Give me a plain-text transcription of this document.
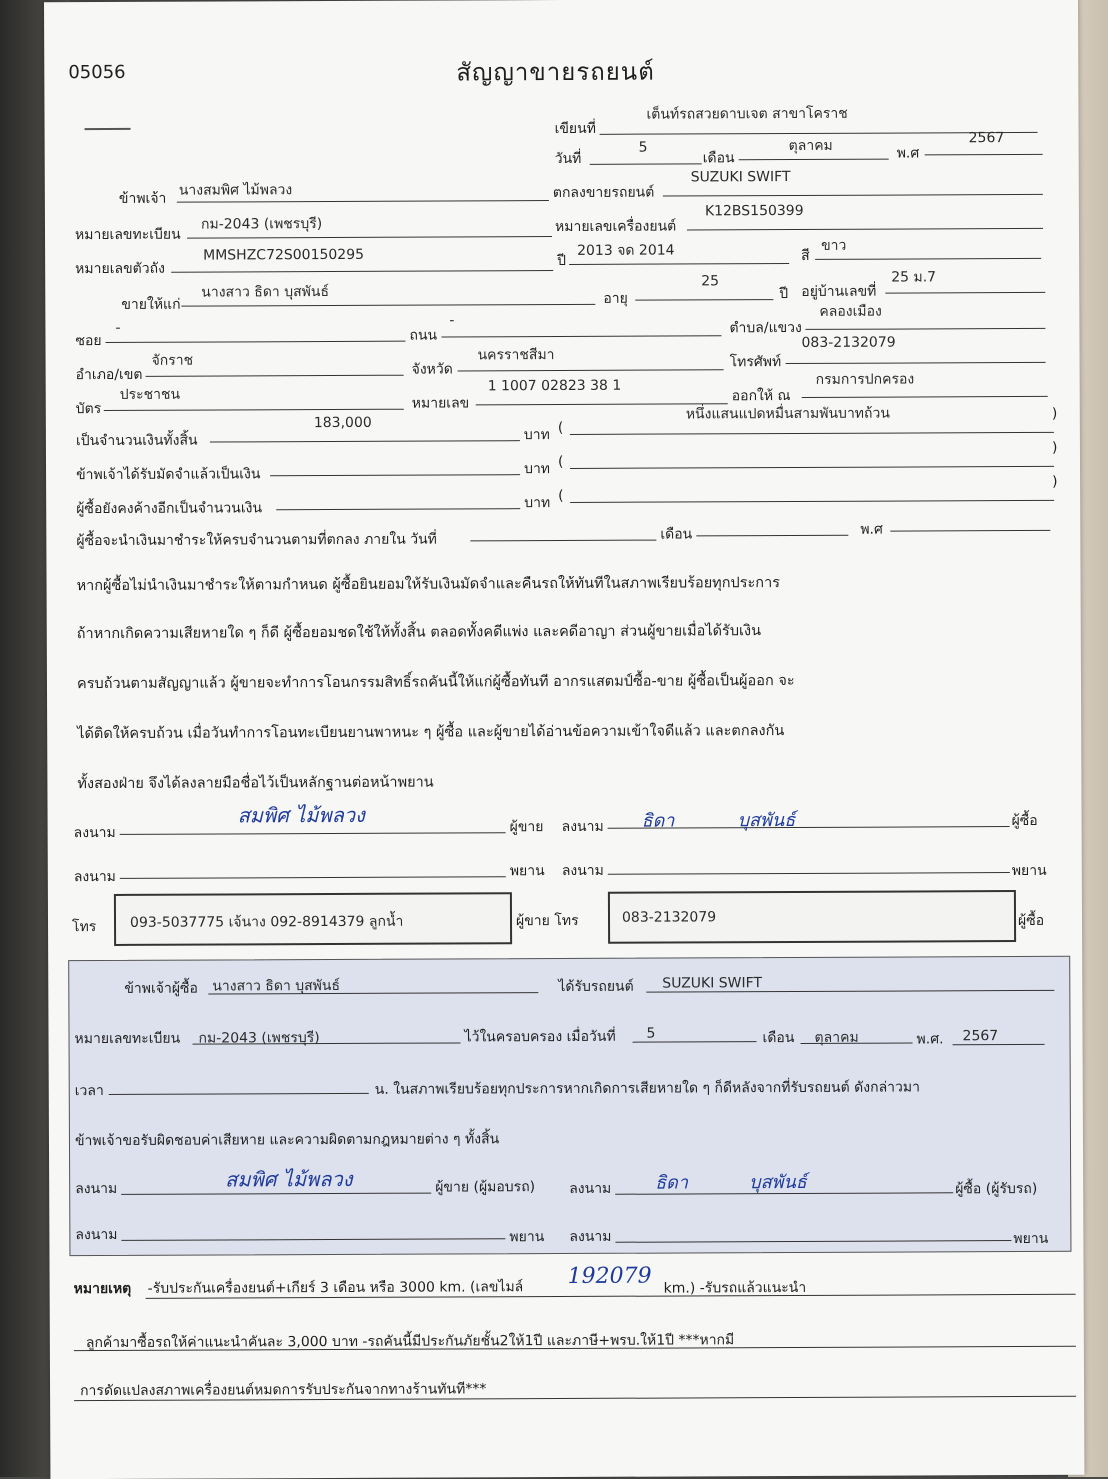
05056	สัญญาขายรถยนต์
เขียนที่
เต็นท์รถสวยดาบเจต สาขาโคราช
วันที่
5
เดือน
ตุลาคม	พ.ศ
2567
ข้าพเจ้า
นางสมพิศ ไม้พลวง	ตกลงขายรถยนต์
SUZUKI SWIFT
หมายเลขทะเบียน
กม-2043 (เพชรบุรี)	หมายเลขเครื่องยนต์
K12BS150399
หมายเลขตัวถัง
MMSHZC72S00150295	ปี
2013 จด 2014	สี
ขาว
ขายให้แก่
นางสาว ธิดา บุสพันธ์	อายุ
25
ปี อยู่บ้านเลขที่
25 ม.7
ซอย
-	ถนน
-	ตำบล/แขวง
คลองเมือง
อำเภอ/เขต
จักราช
จังหวัด
นครราชสีมา	โทรศัพท์
083-2132079
บัตร
ประชาชน
หมายเลข
1 1007 02823 38 1
ออกให้ ณ
กรมการปกครอง
เป็นจำนวนเงินทั้งสิ้น
183,000
บาท (
หนึ่งแสนแปดหมื่นสามพันบาทถ้วน	)
ข้าพเจ้าได้รับมัดจำแล้วเป็นเงิน	บาท (
)
ผู้ซื้อยังคงค้างอีกเป็นจำนวนเงิน	บาท (
)
ผู้ซื้อจะนำเงินมาชำระให้ครบจำนวนตามที่ตกลง ภายใน วันที่	เดือน	พ.ศ
หากผู้ซื้อไม่นำเงินมาชำระให้ตามกำหนด ผู้ซื้อยินยอมให้รับเงินมัดจำและคืนรถให้ทันทีในสภาพเรียบร้อยทุกประการ
ถ้าหากเกิดความเสียหายใด ๆ ก็ดี ผู้ซื้อยอมชดใช้ให้ทั้งสิ้น ตลอดทั้งคดีแพ่ง และคดีอาญา ส่วนผู้ขายเมื่อได้รับเงิน
ครบถ้วนตามสัญญาแล้ว ผู้ขายจะทำการโอนกรรมสิทธิ์รถคันนี้ให้แก่ผู้ซื้อทันที อากรแสตมป์ซื้อ-ขาย ผู้ซื้อเป็นผู้ออก จะ
ได้ติดให้ครบถ้วน เมื่อวันทำการโอนทะเบียนยานพาหนะ ๆ ผู้ซื้อ และผู้ขายได้อ่านข้อความเข้าใจดีแล้ว และตกลงกัน
ทั้งสองฝ่าย จึงได้ลงลายมือชื่อไว้เป็นหลักฐานต่อหน้าพยาน
ลงนาม
สมพิศ ไม้พลวง	ผู้ขาย ลงนาม ธิดา	บุสพันธ์	ผู้ซื้อ
ลงนาม	พยาน ลงนาม	พยาน
โทร 093-5037775 เจ้นาง 092-8914379 ลูกน้ำ	ผู้ขาย โทร	083-2132079	ผู้ซื้อ
ข้าพเจ้าผู้ซื้อ นางสาว ธิดา บุสพันธ์	ได้รับรถยนต์ SUZUKI SWIFT
หมายเลขทะเบียน กม-2043 (เพชรบุรี)	ไว้ในครอบครอง เมื่อวันที่ 5	เดือน ตุลาคม	พ.ศ. 2567
เวลา	น. ในสภาพเรียบร้อยทุกประการหากเกิดการเสียหายใด ๆ ก็ดีหลังจากที่รับรถยนต์ ดังกล่าวมา
ข้าพเจ้าขอรับผิดชอบค่าเสียหาย และความผิดตามกฎหมายต่าง ๆ ทั้งสิ้น
ลงนาม	สมพิศ ไม้พลวง	ผู้ขาย (ผู้มอบรถ) ลงนาม ธิดา	บุสพันธ์	ผู้ซื้อ (ผู้รับรถ)
ลงนาม	พยาน ลงนาม	พยาน
หมายเหตุ -รับประกันเครื่องยนต์+เกียร์ 3 เดือน หรือ 3000 km. (เลขไมล์ 192079 km.) -รับรถแล้วแนะนำ
ลูกค้ามาซื้อรถให้ค่าแนะนำคันละ 3,000 บาท -รถคันนี้มีประกันภัยชั้น2ให้1ปี และภาษี+พรบ.ให้1ปี ***หากมี
การดัดแปลงสภาพเครื่องยนต์หมดการรับประกันจากทางร้านทันที***
